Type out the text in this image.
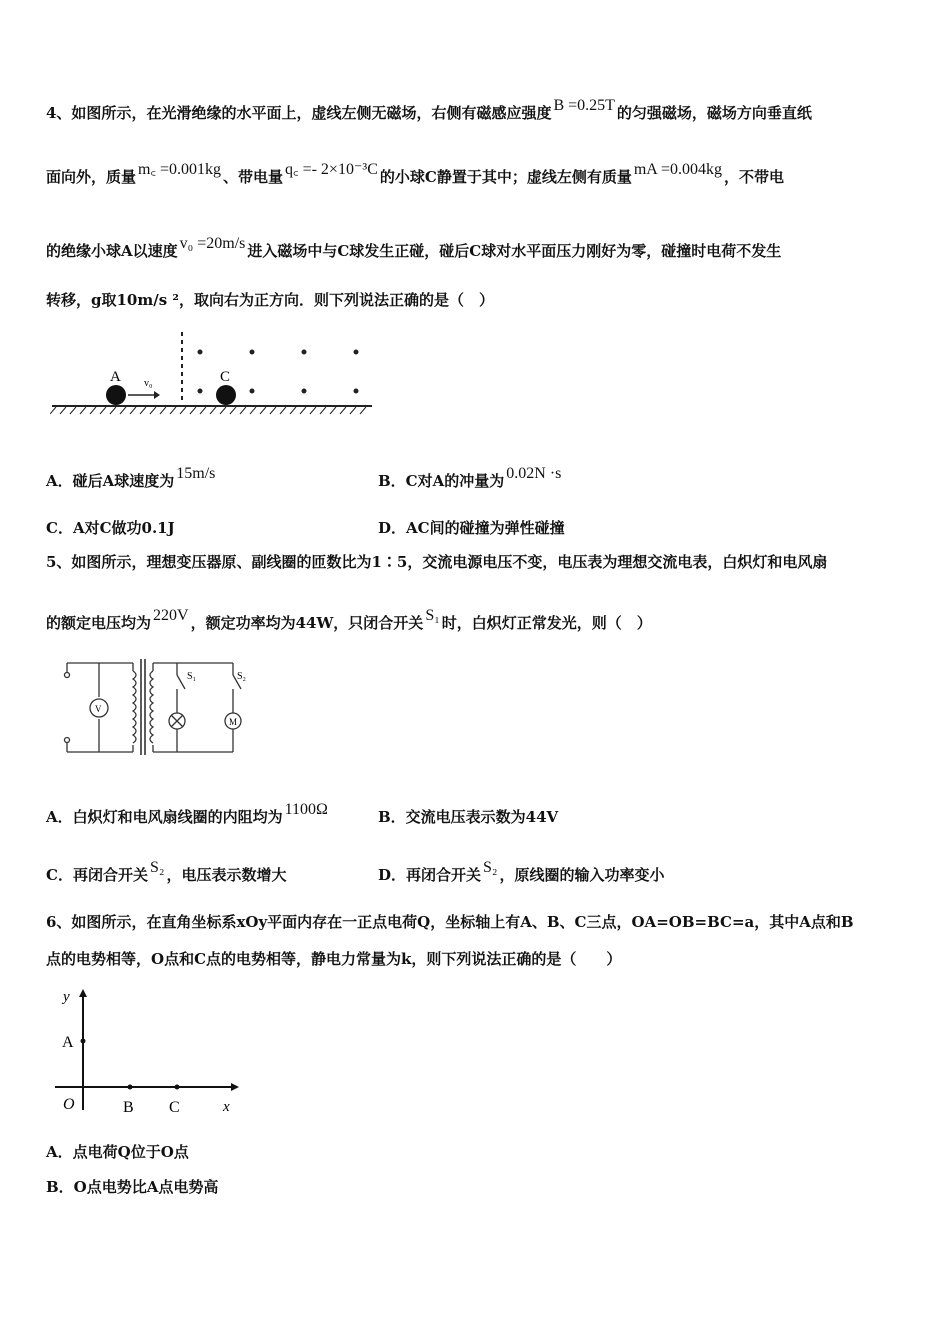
4、如图所示，在光滑绝缘的水平面上，虚线左侧无磁场，右侧有磁感应强度 B =0.25T 的匀强磁场，磁场方向垂直纸
面向外，质量 m꜀ =0.001kg 、带电量 q꜀ =- 2×10⁻³C 的小球C静置于其中；虚线左侧有质量 mA =0.004kg ，不带电
的绝缘小球A以速度 v₀ =20m/s 进入磁场中与C球发生正碰，碰后C球对水平面压力刚好为零，碰撞时电荷不发生
转移，g取10m/s ²，取向右为正方向．则下列说法正确的是（　）
A	C
v₀
A．碰后A球速度为 15m/s	B．C对A的冲量为 0.02N ·s
C．A对C做功0.1J	D．AC间的碰撞为弹性碰撞
5、如图所示，理想变压器原、副线圈的匝数比为1∶5，交流电源电压不变，电压表为理想交流电表，白炽灯和电风扇
的额定电压均为 220V ，额定功率均为44W，只闭合开关 S₁ 时，白炽灯正常发光，则（　）
V
M
S₁	S₂
A．白炽灯和电风扇线圈的内阻均为 1100Ω	B．交流电压表示数为44V
C．再闭合开关 S₂ ，电压表示数增大	D．再闭合开关 S₂ ，原线圈的输入功率变小
6、如图所示，在直角坐标系xOy平面内存在一正点电荷Q，坐标轴上有A、B、C三点，OA=OB=BC=a，其中A点和B
点的电势相等，O点和C点的电势相等，静电力常量为k，则下列说法正确的是（　　）
y
A
O	B C	x
A．点电荷Q位于O点
B．O点电势比A点电势高
